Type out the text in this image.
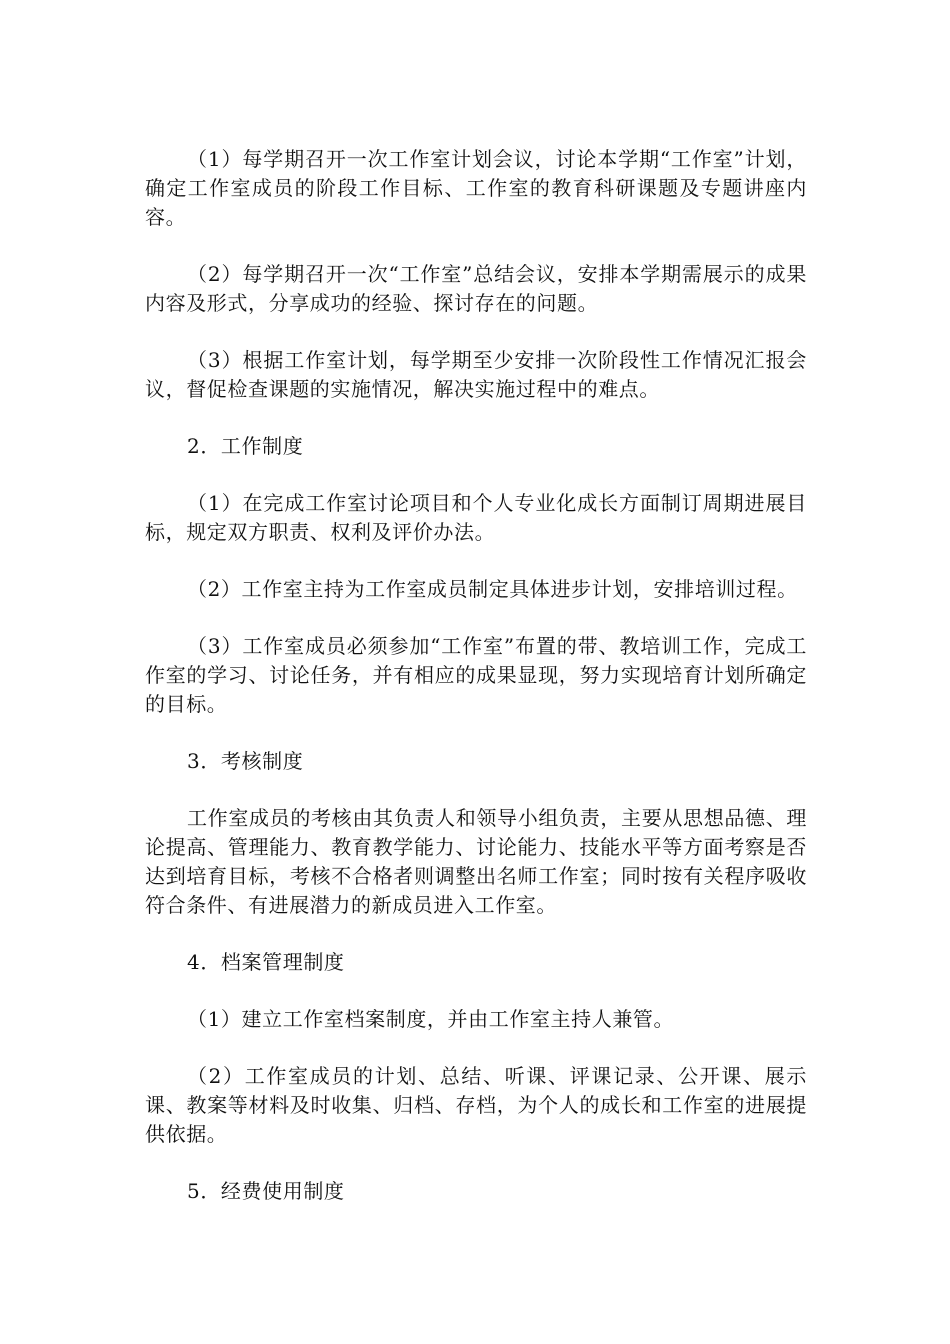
（1）每学期召开一次工作室计划会议，讨论本学期“工作室”计划，确定工作室成员的阶段工作目标、工作室的教育科研课题及专题讲座内容。

（2）每学期召开一次“工作室”总结会议，安排本学期需展示的成果内容及形式，分享成功的经验、探讨存在的问题。

（3）根据工作室计划，每学期至少安排一次阶段性工作情况汇报会议，督促检查课题的实施情况，解决实施过程中的难点。

2．工作制度

（1）在完成工作室讨论项目和个人专业化成长方面制订周期进展目标，规定双方职责、权利及评价办法。

（2）工作室主持为工作室成员制定具体进步计划，安排培训过程。

（3）工作室成员必须参加“工作室”布置的带、教培训工作，完成工作室的学习、讨论任务，并有相应的成果显现，努力实现培育计划所确定的目标。

3．考核制度

工作室成员的考核由其负责人和领导小组负责，主要从思想品德、理论提高、管理能力、教育教学能力、讨论能力、技能水平等方面考察是否达到培育目标，考核不合格者则调整出名师工作室；同时按有关程序吸收符合条件、有进展潜力的新成员进入工作室。

4．档案管理制度

（1）建立工作室档案制度，并由工作室主持人兼管。

（2）工作室成员的计划、总结、听课、评课记录、公开课、展示课、教案等材料及时收集、归档、存档，为个人的成长和工作室的进展提供依据。

5．经费使用制度
